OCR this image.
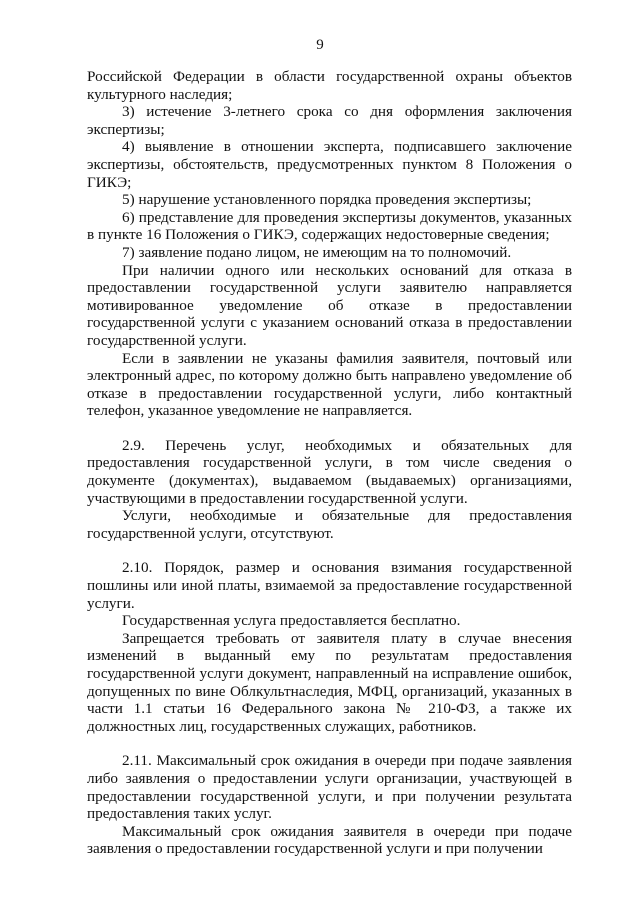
9

Российской Федерации в области государственной охраны объектов культурного наследия;

3) истечение 3-летнего срока со дня оформления заключения экспертизы;

4) выявление в отношении эксперта, подписавшего заключение экспертизы, обстоятельств, предусмотренных пунктом 8 Положения о ГИКЭ;

5) нарушение установленного порядка проведения экспертизы;

6) представление для проведения экспертизы документов, указанных в пункте 16 Положения о ГИКЭ, содержащих недостоверные сведения;

7) заявление подано лицом, не имеющим на то полномочий.

При наличии одного или нескольких оснований для отказа в предоставлении государственной услуги заявителю направляется мотивированное уведомление об отказе в предоставлении государственной услуги с указанием оснований отказа в предоставлении государственной услуги.

Если в заявлении не указаны фамилия заявителя, почтовый или электронный адрес, по которому должно быть направлено уведомление об отказе в предоставлении государственной услуги, либо контактный телефон, указанное уведомление не направляется.

2.9. Перечень услуг, необходимых и обязательных для предоставления государственной услуги, в том числе сведения о документе (документах), выдаваемом (выдаваемых) организациями, участвующими в предоставлении государственной услуги.

Услуги, необходимые и обязательные для предоставления государственной услуги, отсутствуют.

2.10. Порядок, размер и основания взимания государственной пошлины или иной платы, взимаемой за предоставление государственной услуги.

Государственная услуга предоставляется бесплатно.

Запрещается требовать от заявителя плату в случае внесения изменений в выданный ему по результатам предоставления государственной услуги документ, направленный на исправление ошибок, допущенных по вине Облкультнаследия, МФЦ, организаций, указанных в части 1.1 статьи 16 Федерального закона № 210-ФЗ, а также их должностных лиц, государственных служащих, работников.

2.11. Максимальный срок ожидания в очереди при подаче заявления либо заявления о предоставлении услуги организации, участвующей в предоставлении государственной услуги, и при получении результата предоставления таких услуг.

Максимальный срок ожидания заявителя в очереди при подаче заявления о предоставлении государственной услуги и при получении
